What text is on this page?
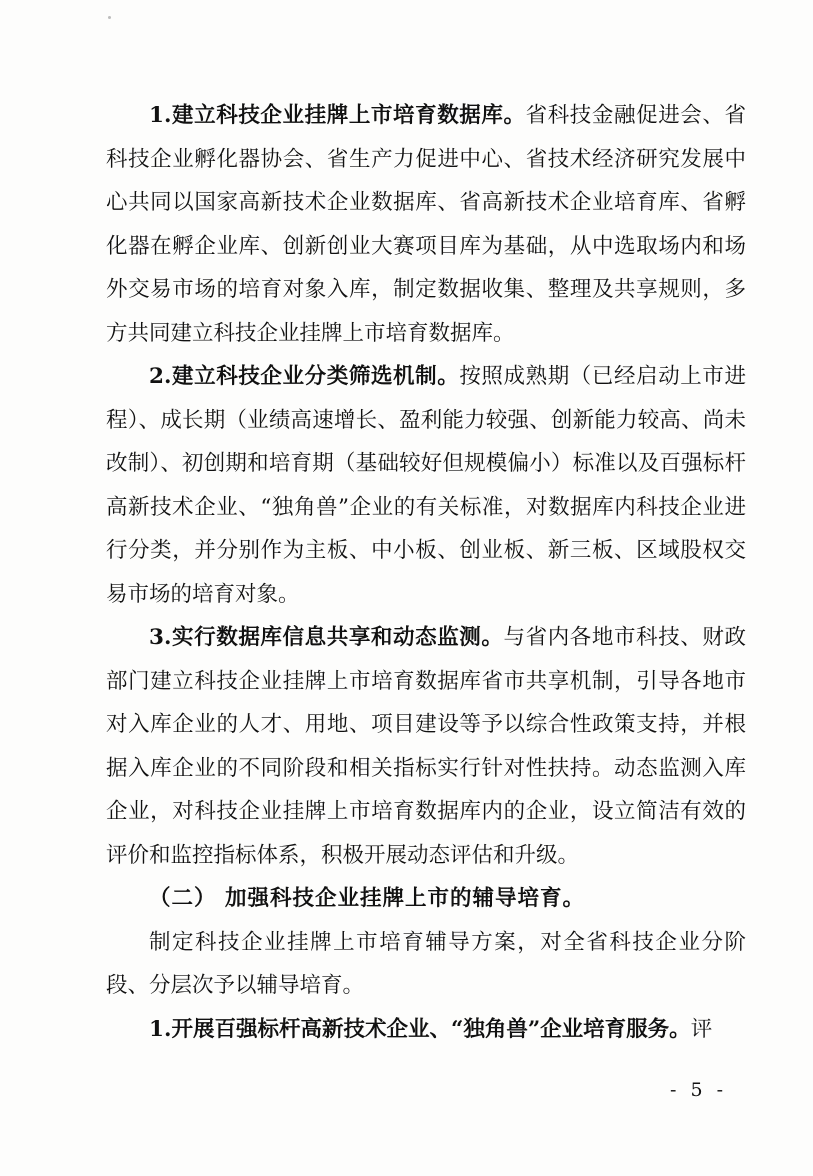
1.建立科技企业挂牌上市培育数据库。省科技金融促进会、省科技企业孵化器协会、省生产力促进中心、省技术经济研究发展中心共同以国家高新技术企业数据库、省高新技术企业培育库、省孵化器在孵企业库、创新创业大赛项目库为基础，从中选取场内和场外交易市场的培育对象入库，制定数据收集、整理及共享规则，多方共同建立科技企业挂牌上市培育数据库。

2.建立科技企业分类筛选机制。按照成熟期（已经启动上市进程）、成长期（业绩高速增长、盈利能力较强、创新能力较高、尚未改制）、初创期和培育期（基础较好但规模偏小）标准以及百强标杆高新技术企业、“独角兽”企业的有关标准，对数据库内科技企业进行分类，并分别作为主板、中小板、创业板、新三板、区域股权交易市场的培育对象。

3.实行数据库信息共享和动态监测。与省内各地市科技、财政部门建立科技企业挂牌上市培育数据库省市共享机制，引导各地市对入库企业的人才、用地、项目建设等予以综合性政策支持，并根据入库企业的不同阶段和相关指标实行针对性扶持。动态监测入库企业，对科技企业挂牌上市培育数据库内的企业，设立简洁有效的评价和监控指标体系，积极开展动态评估和升级。

（二） 加强科技企业挂牌上市的辅导培育。

制定科技企业挂牌上市培育辅导方案，对全省科技企业分阶段、分层次予以辅导培育。

1.开展百强标杆高新技术企业、“独角兽”企业培育服务。评

- 5 -
